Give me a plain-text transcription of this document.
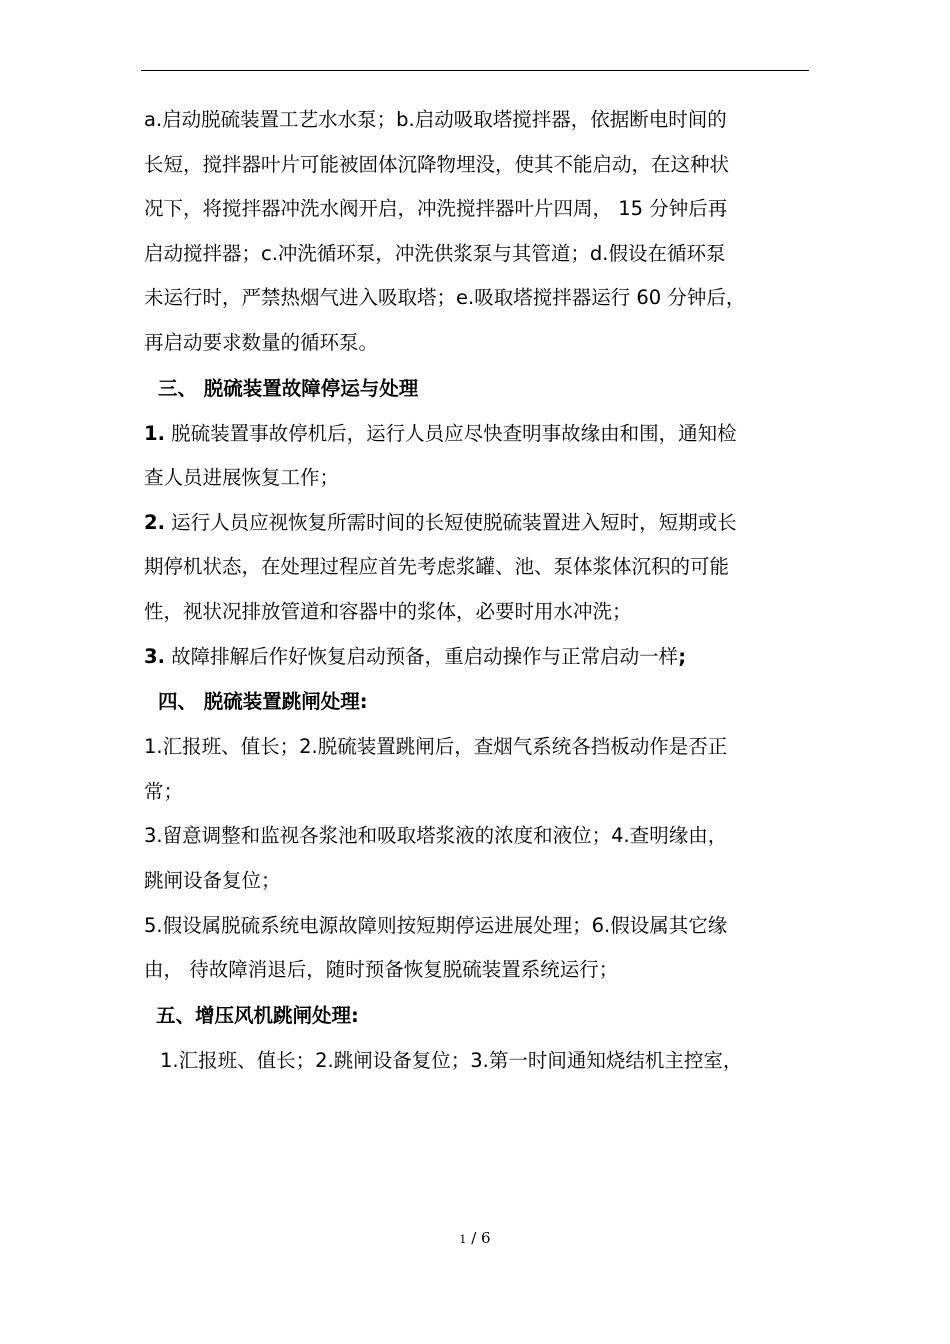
a.启动脱硫装置工艺水水泵；b.启动吸取塔搅拌器，依据断电时间的
长短，搅拌器叶片可能被固体沉降物埋没，使其不能启动，在这种状
况下，将搅拌器冲洗水阀开启，冲洗搅拌器叶片四周， 15 分钟后再
启动搅拌器；c.冲洗循环泵，冲洗供浆泵与其管道；d.假设在循环泵
未运行时，严禁热烟气进入吸取塔；e.吸取塔搅拌器运行 60 分钟后，
再启动要求数量的循环泵。
三、 脱硫装置故障停运与处理
1. 脱硫装置事故停机后，运行人员应尽快查明事故缘由和围，通知检
查人员进展恢复工作；
2. 运行人员应视恢复所需时间的长短使脱硫装置进入短时，短期或长
期停机状态，在处理过程应首先考虑浆罐、池、泵体浆体沉积的可能
性，视状况排放管道和容器中的浆体，必要时用水冲洗；
3. 故障排解后作好恢复启动预备，重启动操作与正常启动一样;
四、 脱硫装置跳闸处理:
1.汇报班、值长；2.脱硫装置跳闸后，查烟气系统各挡板动作是否正
常；
3.留意调整和监视各浆池和吸取塔浆液的浓度和液位；4.查明缘由，
跳闸设备复位；
5.假设属脱硫系统电源故障则按短期停运进展处理；6.假设属其它缘
由， 待故障消退后，随时预备恢复脱硫装置系统运行；
五、增压风机跳闸处理:
1.汇报班、值长；2.跳闸设备复位；3.第一时间通知烧结机主控室，
1 / 6
